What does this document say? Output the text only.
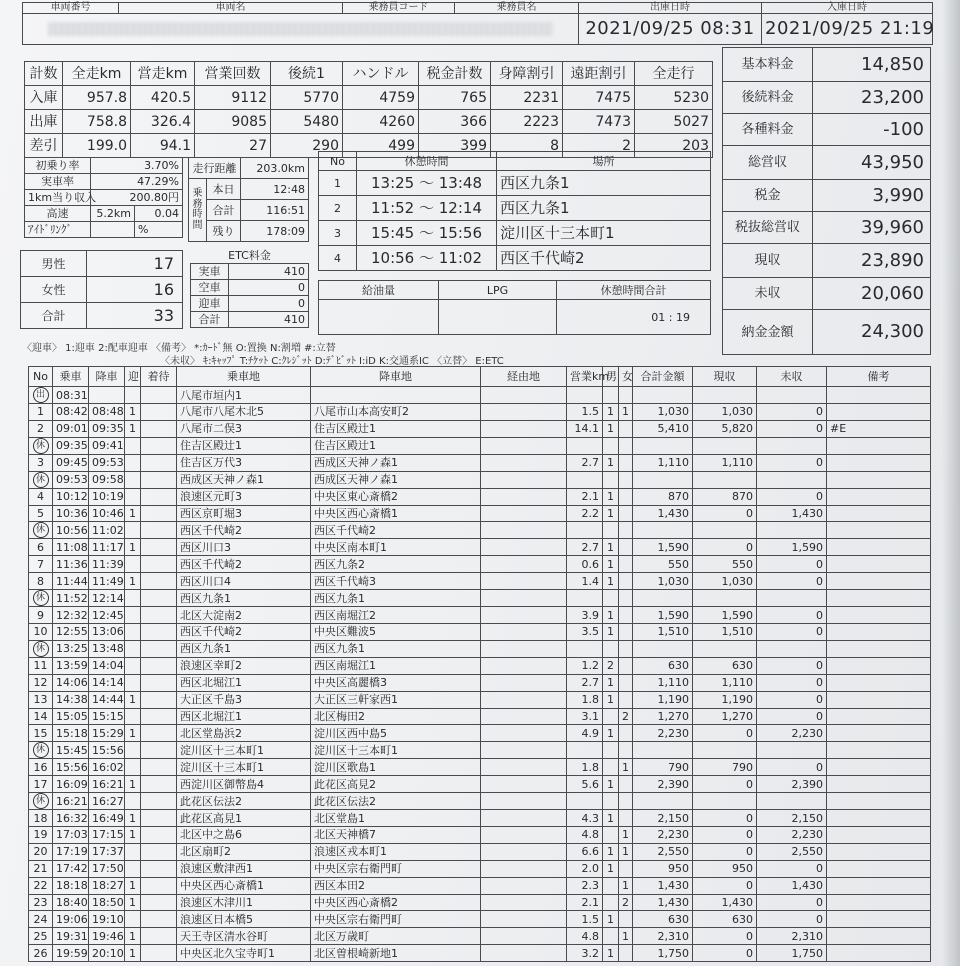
車両番号	車両名	乗務員コード	乗務員名	出庫日時	入庫日時

				2021/09/25 08:31	2021/09/25 21:19
計数	全走km	営走km	営業回数	後続1	ハンドル	税金計数	身障割引	遠距割引	全走行
入庫	957.8	420.5	9112	5770	4759	765	2231	7475	5230
出庫	758.8	326.4	9085	5480	4260	366	2223	7473	5027
差引	199.0	94.1	27	290	499	399	8	2	203
基本料金	14,850
後続料金	23,200
各種料金	-100
総営収	43,950
税金	3,990
税抜総営収	39,960
現収	23,890
未収	20,060
納金金額	24,300
初乗り率	3.70%	
実車率	47.29%	
1km当り収入	200.80円	
高速	5.2km	0.04
ｱｲﾄﾞﾘﾝｸﾞ		%
男性	17
女性	16
合計	33
走行距離		203.0km
乗務時間	本日	12:48
	合計	116:51
	残り	178:09
ETC料金	
実車	410
空車	0
迎車	0
合計	410
No	休憩時間	場所
1	13:25 ～ 13:48	西区九条1
2	11:52 ～ 12:14	西区九条1
3	15:45 ～ 15:56	淀川区十三本町1
4	10:56 ～ 11:02	西区千代崎2
給油量	LPG	休憩時間合計
		01 : 19
〈迎車〉 1:迎車 2:配車迎車 〈備考〉 *:ｶｰﾄﾞ無 O:置換 N:割増 #:立替
〈未収〉 ｷ:ｷｬｯﾌﾟ T:ﾁｹｯﾄ C:ｸﾚｼﾞｯﾄ D:ﾃﾞﾋﾞｯﾄ I:iD K:交通系IC 〈立替〉 E:ETC
No	乗車	降車	迎	着待	乗車地	降車地	経由地	営業km	男	女	合計金額	現収	未収	備考
出	08:31				八尾市垣内1									
1	08:42	08:48	1		八尾市八尾木北5	八尾市山本高安町2		1.5	1	1	1,030	1,030	0	
2	09:01	09:35	1		八尾市二俣3	住吉区殿辻1		14.1	1		5,410	5,820	0	#E
休	09:35	09:41			住吉区殿辻1	住吉区殿辻1								
3	09:45	09:53			住吉区万代3	西成区天神ノ森1		2.7	1		1,110	1,110	0	
休	09:53	09:58			西成区天神ノ森1	西成区天神ノ森1								
4	10:12	10:19			浪速区元町3	中央区東心斎橋2		2.1	1		870	870	0	
5	10:36	10:46	1		西区京町堀3	中央区西心斎橋1		2.2	1		1,430	0	1,430	
休	10:56	11:02			西区千代崎2	西区千代崎2								
6	11:08	11:17	1		西区川口3	中央区南本町1		2.7	1		1,590	0	1,590	
7	11:36	11:39			西区千代崎2	西区九条2		0.6	1		550	550	0	
8	11:44	11:49	1		西区川口4	西区千代崎3		1.4	1		1,030	1,030	0	
休	11:52	12:14			西区九条1	西区九条1								
9	12:32	12:45			北区大淀南2	西区南堀江2		3.9	1		1,590	1,590	0	
10	12:55	13:06			西区千代崎2	中央区難波5		3.5	1		1,510	1,510	0	
休	13:25	13:48			西区九条1	西区九条1								
11	13:59	14:04			浪速区幸町2	西区南堀江1		1.2	2		630	630	0	
12	14:06	14:14			西区北堀江1	中央区高麗橋3		2.7	1		1,110	1,110	0	
13	14:38	14:44	1		大正区千島3	大正区三軒家西1		1.8	1		1,190	1,190	0	
14	15:05	15:15			西区北堀江1	北区梅田2		3.1		2	1,270	1,270	0	
15	15:18	15:29	1		北区堂島浜2	淀川区西中島5		4.9	1		2,230	0	2,230	
休	15:45	15:56			淀川区十三本町1	淀川区十三本町1								
16	15:56	16:02			淀川区十三本町1	淀川区歌島1		1.8		1	790	790	0	
17	16:09	16:21	1		西淀川区御幣島4	此花区高見2		5.6	1		2,390	0	2,390	
休	16:21	16:27			此花区伝法2	此花区伝法2								
18	16:32	16:49	1		此花区高見1	北区堂島1		4.3	1		2,150	0	2,150	
19	17:03	17:15	1		北区中之島6	北区天神橋7		4.8		1	2,230	0	2,230	
20	17:19	17:37			北区扇町2	浪速区戎本町1		6.6	1	1	2,550	0	2,550	
21	17:42	17:50			浪速区敷津西1	中央区宗右衛門町		2.0	1		950	950	0	
22	18:18	18:27	1		中央区西心斎橋1	西区本田2		2.3		1	1,430	0	1,430	
23	18:40	18:50	1		浪速区木津川1	中央区西心斎橋2		2.1		2	1,430	1,430	0	
24	19:06	19:10			浪速区日本橋5	中央区宗右衛門町		1.5	1		630	630	0	
25	19:31	19:46	1		天王寺区清水谷町	北区万歳町		4.8		1	2,310	0	2,310	
26	19:59	20:10	1		中央区北久宝寺町1	北区曽根崎新地1		3.2	1		1,750	0	1,750	
